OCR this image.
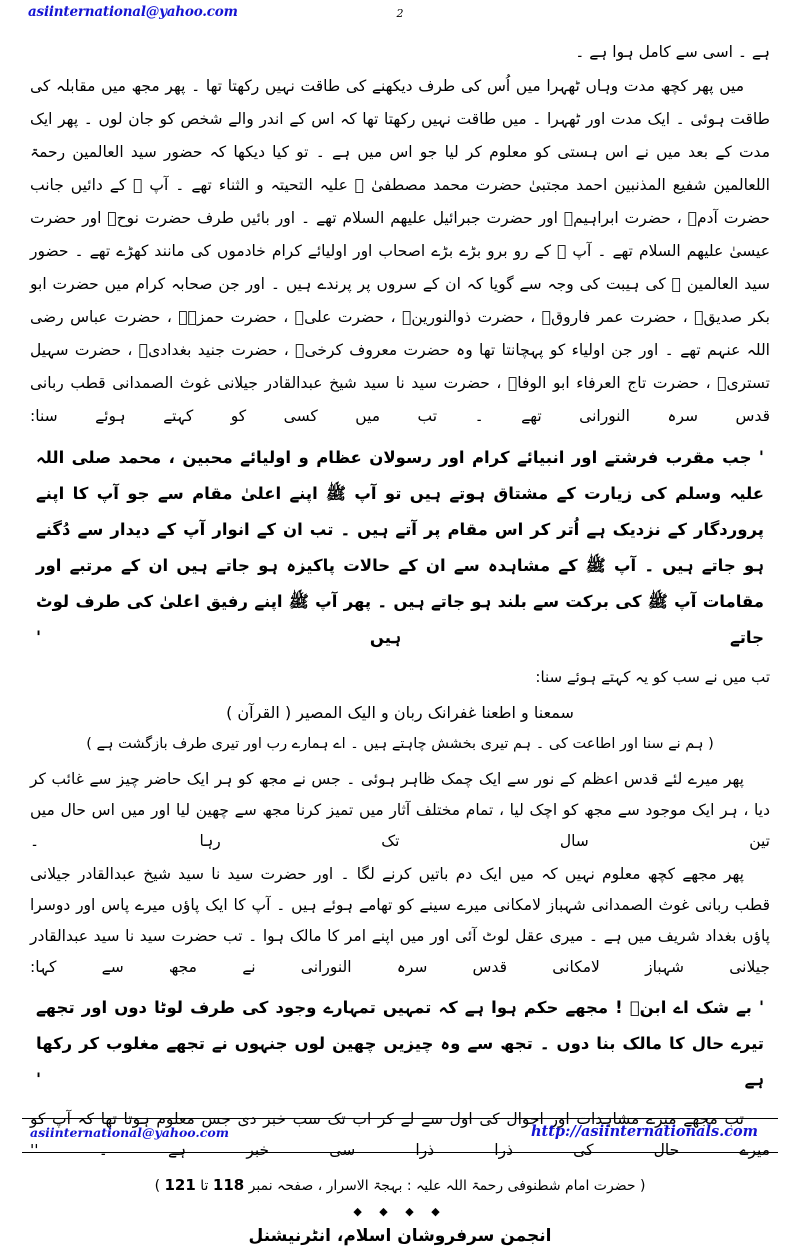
asiinternational@yahoo.com	2
ہے ۔ اسی سے کامل ہوا ہے ۔

میں پھر کچھ مدت وہاں ٹھہرا میں اُس کی طرف دیکھنے کی طاقت نہیں رکھتا تھا ۔ پھر مجھ میں مقابلہ کی طاقت ہوئی ۔ ایک مدت اور ٹھہرا ۔ میں طاقت نہیں رکھتا تھا کہ اس کے اندر والے شخص کو جان لوں ۔ پھر ایک مدت کے بعد میں نے اس ہستی کو معلوم کر لیا جو اس میں ہے ۔ تو کیا دیکھا کہ حضور سید العالمین رحمۃ اللعالمین شفیع المذنبین احمد مجتبیٰ حضرت محمد مصطفیٰ ﷺ علیہ التحیتہ و الثناء تھے ۔ آپ ﷺ کے دائیں جانب حضرت آدمؑ ، حضرت ابراہیمؑ اور حضرت جبرائیل علیھم السلام تھے ۔ اور بائیں طرف حضرت نوحؑ اور حضرت عیسیٰ علیھم السلام تھے ۔ آپ ﷺ کے رو برو بڑے بڑے اصحاب اور اولیائے کرام خادموں کی مانند کھڑے تھے ۔ حضور سید العالمین ﷺ کی ہیبت کی وجہ سے گویا کہ ان کے سروں پر پرندے ہیں ۔ اور جن صحابہ کرام میں حضرت ابو بکر صدیقؓ ، حضرت عمر فاروقؓ ، حضرت ذوالنورینؓ ، حضرت علیؓ ، حضرت حمزہؓ ، حضرت عباس رضی اللہ عنہم تھے ۔ اور جن اولیاء کو پہچانتا تھا وہ حضرت معروف کرخیؒ ، حضرت جنید بغدادیؒ ، حضرت سہیل تستریؒ ، حضرت تاج العرفاء ابو الوفاؒ ، حضرت سید نا سید شیخ عبدالقادر جیلانی غوث الصمدانی قطب ربانی قدس سرہ النورانی تھے ۔ تب میں کسی کو کہتے ہوئے سنا:

' جب مقرب فرشتے اور انبیائے کرام اور رسولان عظام و اولیائے محبین ، محمد صلی اللہ علیہ وسلم کی زیارت کے مشتاق ہوتے ہیں تو آپ ﷺ اپنے اعلیٰ مقام سے جو آپ کا اپنے پروردگار کے نزدیک ہے اُتر کر اس مقام پر آتے ہیں ۔ تب ان کے انوار آپ کے دیدار سے دُگنے ہو جاتے ہیں ۔ آپ ﷺ کے مشاہدہ سے ان کے حالات پاکیزہ ہو جاتے ہیں ان کے مرتبے اور مقامات آپ ﷺ کی برکت سے بلند ہو جاتے ہیں ۔ پھر آپ ﷺ اپنے رفیق اعلیٰ کی طرف لوٹ جاتے ہیں '
تب میں نے سب کو یہ کہتے ہوئے سنا:
سمعنا و اطعنا غفرانک ربان و الیک المصیر ( القرآن )
( ہم نے سنا اور اطاعت کی ۔ ہم تیری بخشش چاہتے ہیں ۔ اے ہمارے رب اور تیری طرف بازگشت ہے )

پھر میرے لئے قدس اعظم کے نور سے ایک چمک ظاہر ہوئی ۔ جس نے مجھ کو ہر ایک حاضر چیز سے غائب کر دیا ، ہر ایک موجود سے مجھ کو اچک لیا ، تمام مختلف آثار میں تمیز کرنا مجھ سے چھین لیا اور میں اس حال میں تین سال تک رہا ۔

پھر مجھے کچھ معلوم نہیں کہ میں ایک دم باتیں کرنے لگا ۔ اور حضرت سید نا سید شیخ عبدالقادر جیلانی قطب ربانی غوث الصمدانی شہباز لامکانی میرے سینے کو تھامے ہوئے ہیں ۔ آپ کا ایک پاؤں میرے پاس اور دوسرا پاؤں بغداد شریف میں ہے ۔ میری عقل لوٹ آئی اور میں اپنے امر کا مالک ہوا ۔ تب حضرت سید نا سید عبدالقادر جیلانی شہباز لامکانی قدس سرہ النورانی نے مجھ سے کہا:

' بے شک اے ابنؒ ! مجھے حکم ہوا ہے کہ تمہیں تمہارے وجود کی طرف لوٹا دوں اور تجھے تیرے حال کا مالک بنا دوں ۔ تجھ سے وہ چیزیں چھین لوں جنہوں نے تجھے مغلوب کر رکھا ہے '

تب مجھے میرے مشاہدات اور احوال کی اول سے لے کر اب تک سب خبر دی جس معلوم ہوتا تھا کہ آپ کو میرے حال کی ذرا ذرا سی خبر ہے ۔ ''

( حضرت امام شطنوفی رحمۃ اللہ علیہ : بہجۃ الاسرار ، صفحہ نمبر 118 تا 121 )
◆ ◆ ◆ ◆
انجمن سرفروشان اسلام، انٹرنیشنل
asiinternational@yahoo.com	http://asiinternationals.com
